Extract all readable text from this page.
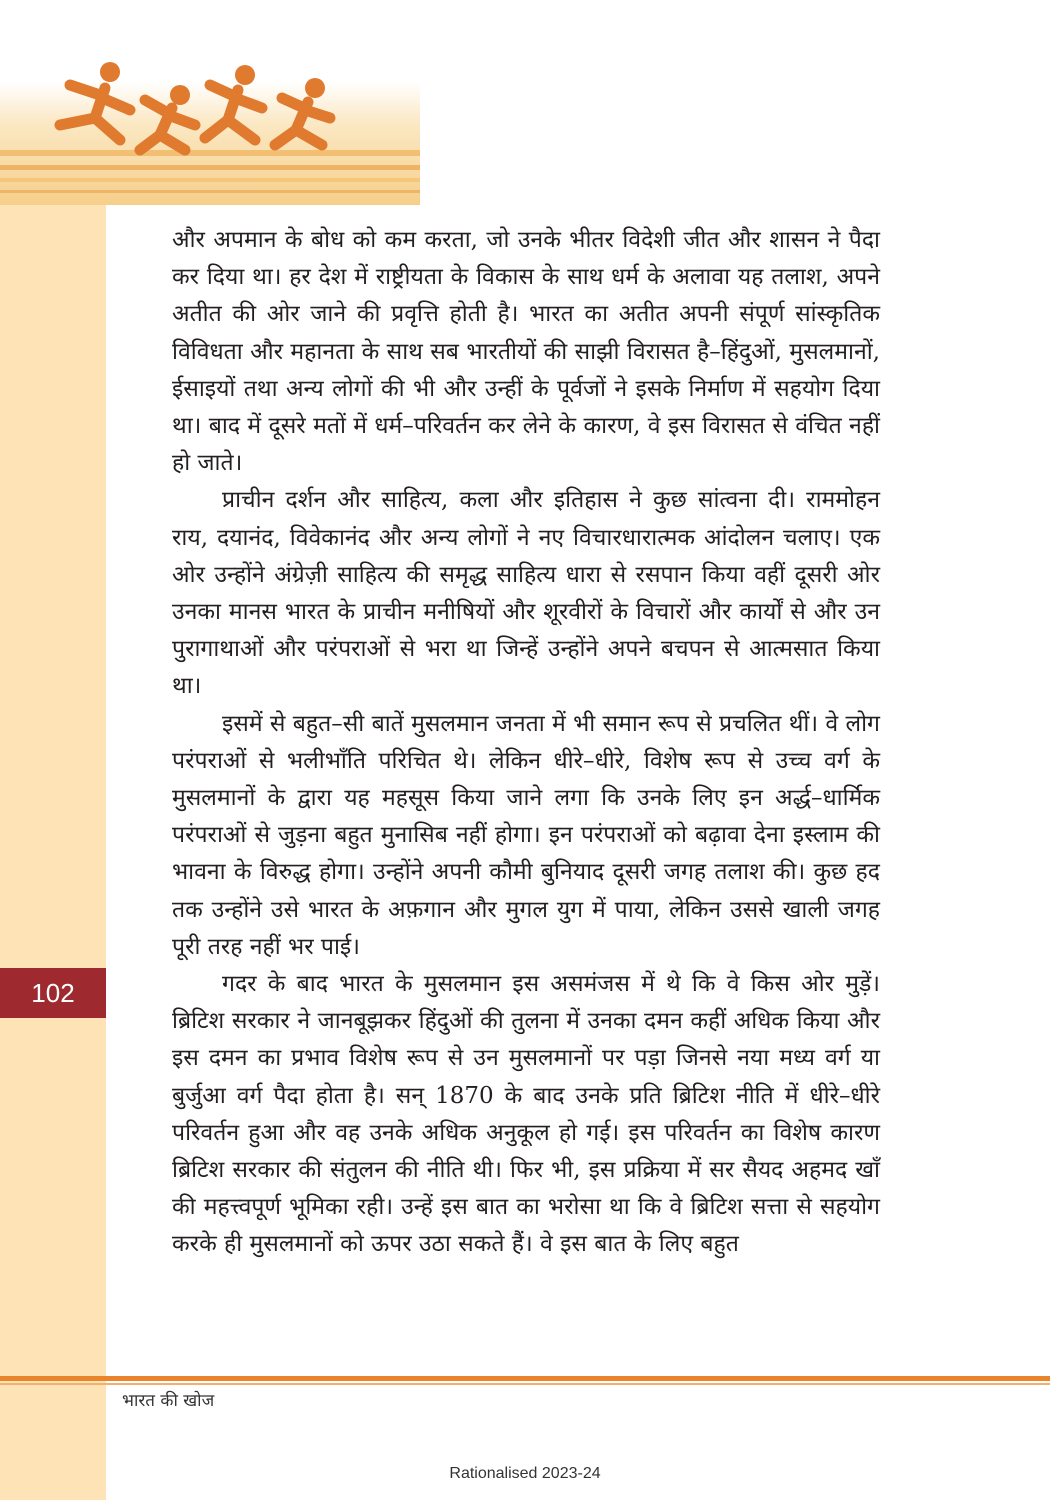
102

और अपमान के बोध को कम करता, जो उनके भीतर विदेशी जीत और शासन ने पैदा कर दिया था। हर देश में राष्ट्रीयता के विकास के साथ धर्म के अलावा यह तलाश, अपने अतीत की ओर जाने की प्रवृत्ति होती है। भारत का अतीत अपनी संपूर्ण सांस्कृतिक विविधता और महानता के साथ सब भारतीयों की साझी विरासत है–हिंदुओं, मुसलमानों, ईसाइयों तथा अन्य लोगों की भी और उन्हीं के पूर्वजों ने इसके निर्माण में सहयोग दिया था। बाद में दूसरे मतों में धर्म–परिवर्तन कर लेने के कारण, वे इस विरासत से वंचित नहीं हो जाते।

प्राचीन दर्शन और साहित्य, कला और इतिहास ने कुछ सांत्वना दी। राममोहन राय, दयानंद, विवेकानंद और अन्य लोगों ने नए विचारधारात्मक आंदोलन चलाए। एक ओर उन्होंने अंग्रेज़ी साहित्य की समृद्ध साहित्य धारा से रसपान किया वहीं दूसरी ओर उनका मानस भारत के प्राचीन मनीषियों और शूरवीरों के विचारों और कार्यों से और उन पुरागाथाओं और परंपराओं से भरा था जिन्हें उन्होंने अपने बचपन से आत्मसात किया था।

इसमें से बहुत–सी बातें मुसलमान जनता में भी समान रूप से प्रचलित थीं। वे लोग परंपराओं से भलीभाँति परिचित थे। लेकिन धीरे–धीरे, विशेष रूप से उच्च वर्ग के मुसलमानों के द्वारा यह महसूस किया जाने लगा कि उनके लिए इन अर्द्ध–धार्मिक परंपराओं से जुड़ना बहुत मुनासिब नहीं होगा। इन परंपराओं को बढ़ावा देना इस्लाम की भावना के विरुद्ध होगा। उन्होंने अपनी कौमी बुनियाद दूसरी जगह तलाश की। कुछ हद तक उन्होंने उसे भारत के अफ़गान और मुगल युग में पाया, लेकिन उससे खाली जगह पूरी तरह नहीं भर पाई।

गदर के बाद भारत के मुसलमान इस असमंजस में थे कि वे किस ओर मुड़ें। ब्रिटिश सरकार ने जानबूझकर हिंदुओं की तुलना में उनका दमन कहीं अधिक किया और इस दमन का प्रभाव विशेष रूप से उन मुसलमानों पर पड़ा जिनसे नया मध्य वर्ग या बुर्जुआ वर्ग पैदा होता है। सन् 1870 के बाद उनके प्रति ब्रिटिश नीति में धीरे–धीरे परिवर्तन हुआ और वह उनके अधिक अनुकूल हो गई। इस परिवर्तन का विशेष कारण ब्रिटिश सरकार की संतुलन की नीति थी। फिर भी, इस प्रक्रिया में सर सैयद अहमद खाँ की महत्त्वपूर्ण भूमिका रही। उन्हें इस बात का भरोसा था कि वे ब्रिटिश सत्ता से सहयोग करके ही मुसलमानों को ऊपर उठा सकते हैं। वे इस बात के लिए बहुत

भारत की खोज
Rationalised 2023-24
